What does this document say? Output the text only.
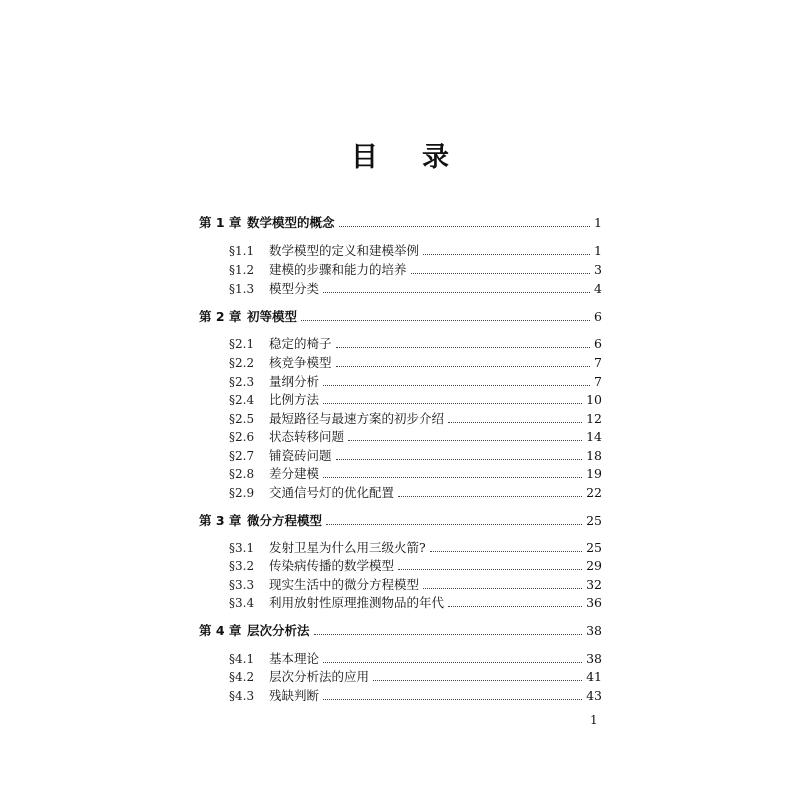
目 录
第 1 章 数学模型的概念	1
§1.1	数学模型的定义和建模举例	1
§1.2	建模的步骤和能力的培养	3
§1.3	模型分类	4
第 2 章 初等模型	6
§2.1	稳定的椅子	6
§2.2	核竞争模型	7
§2.3	量纲分析	7
§2.4	比例方法	10
§2.5	最短路径与最速方案的初步介绍	12
§2.6	状态转移问题	14
§2.7	铺瓷砖问题	18
§2.8	差分建模	19
§2.9	交通信号灯的优化配置	22
第 3 章 微分方程模型	25
§3.1	发射卫星为什么用三级火箭?	25
§3.2	传染病传播的数学模型	29
§3.3	现实生活中的微分方程模型	32
§3.4	利用放射性原理推测物品的年代	36
第 4 章 层次分析法	38
§4.1	基本理论	38
§4.2	层次分析法的应用	41
§4.3	残缺判断	43
1
